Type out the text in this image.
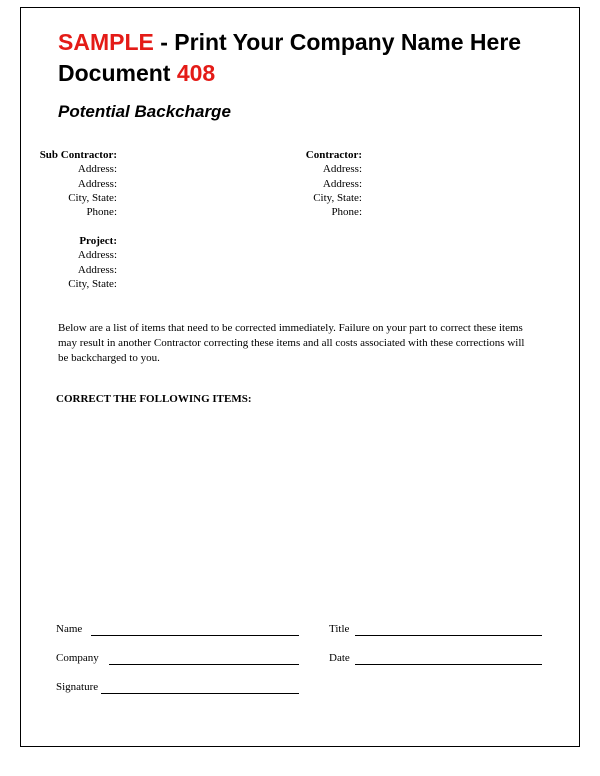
SAMPLE - Print Your Company Name Here
Document 408
Potential Backcharge
Sub Contractor:
Address:
Address:
City, State:
Phone:
Contractor:
Address:
Address:
City, State:
Phone:
Project:
Address:
Address:
City, State:
Below are a list of items that need to be corrected immediately. Failure on your part to correct these items
may result in another Contractor correcting these items and all costs associated with these corrections will
be backcharged to you.
CORRECT THE FOLLOWING ITEMS:
Name	Title
Company	Date
Signature
